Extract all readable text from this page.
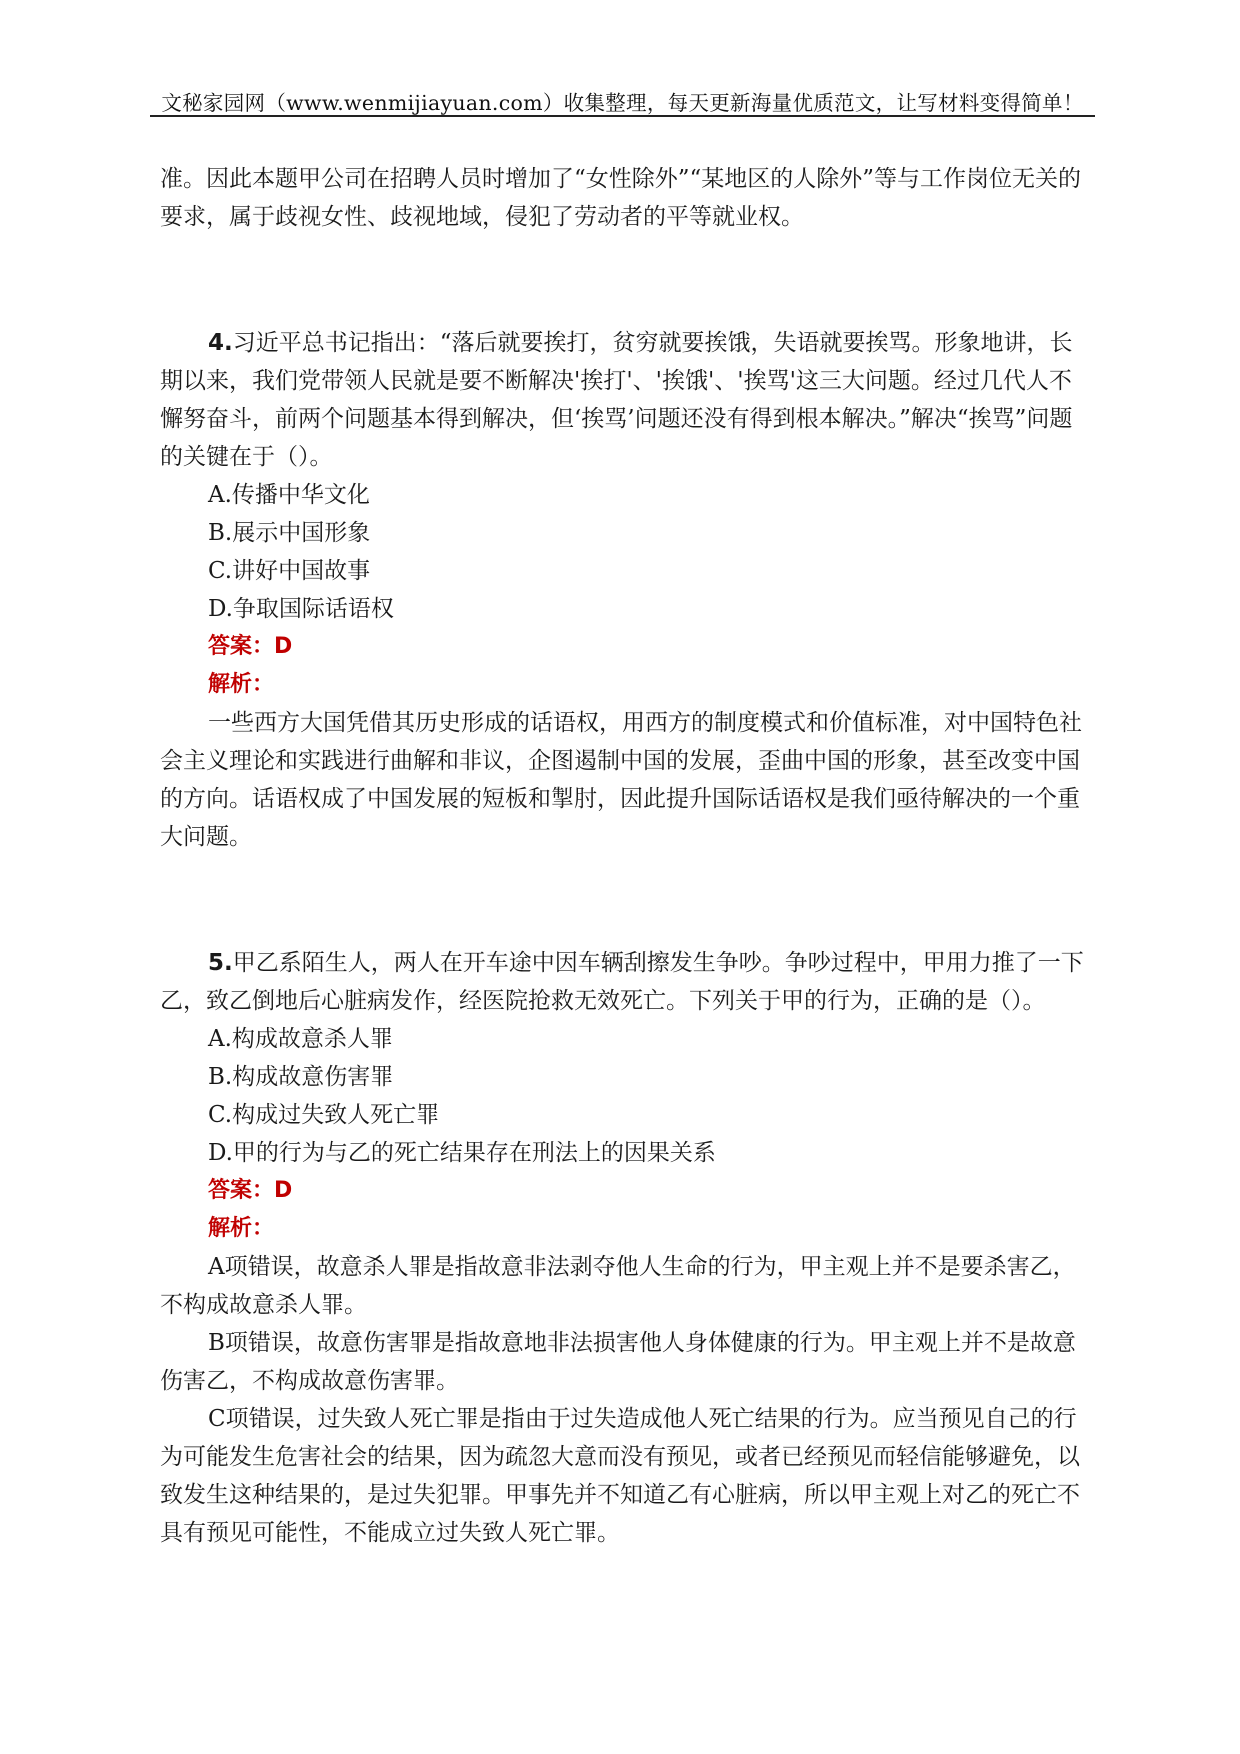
文秘家园网（www.wenmijiayuan.com）收集整理，每天更新海量优质范文，让写材料变得简单！

准。因此本题甲公司在招聘人员时增加了“女性除外”“某地区的人除外”等与工作岗位无关的要求，属于歧视女性、歧视地域，侵犯了劳动者的平等就业权。

4.习近平总书记指出：“落后就要挨打，贫穷就要挨饿，失语就要挨骂。形象地讲，长期以来，我们党带领人民就是要不断解决'挨打'、'挨饿'、'挨骂'这三大问题。经过几代人不懈努奋斗，前两个问题基本得到解决，但‘挨骂’问题还没有得到根本解决。”解决“挨骂”问题的关键在于（）。

A.传播中华文化

B.展示中国形象

C.讲好中国故事

D.争取国际话语权

答案：D

解析：

一些西方大国凭借其历史形成的话语权，用西方的制度模式和价值标准，对中国特色社会主义理论和实践进行曲解和非议，企图遏制中国的发展，歪曲中国的形象，甚至改变中国的方向。话语权成了中国发展的短板和掣肘，因此提升国际话语权是我们亟待解决的一个重大问题。

5.甲乙系陌生人，两人在开车途中因车辆刮擦发生争吵。争吵过程中，甲用力推了一下乙，致乙倒地后心脏病发作，经医院抢救无效死亡。下列关于甲的行为，正确的是（）。

A.构成故意杀人罪

B.构成故意伤害罪

C.构成过失致人死亡罪

D.甲的行为与乙的死亡结果存在刑法上的因果关系

答案：D

解析：

A项错误，故意杀人罪是指故意非法剥夺他人生命的行为，甲主观上并不是要杀害乙，不构成故意杀人罪。

B项错误，故意伤害罪是指故意地非法损害他人身体健康的行为。甲主观上并不是故意伤害乙，不构成故意伤害罪。

C项错误，过失致人死亡罪是指由于过失造成他人死亡结果的行为。应当预见自己的行为可能发生危害社会的结果，因为疏忽大意而没有预见，或者已经预见而轻信能够避免，以致发生这种结果的，是过失犯罪。甲事先并不知道乙有心脏病，所以甲主观上对乙的死亡不具有预见可能性，不能成立过失致人死亡罪。
